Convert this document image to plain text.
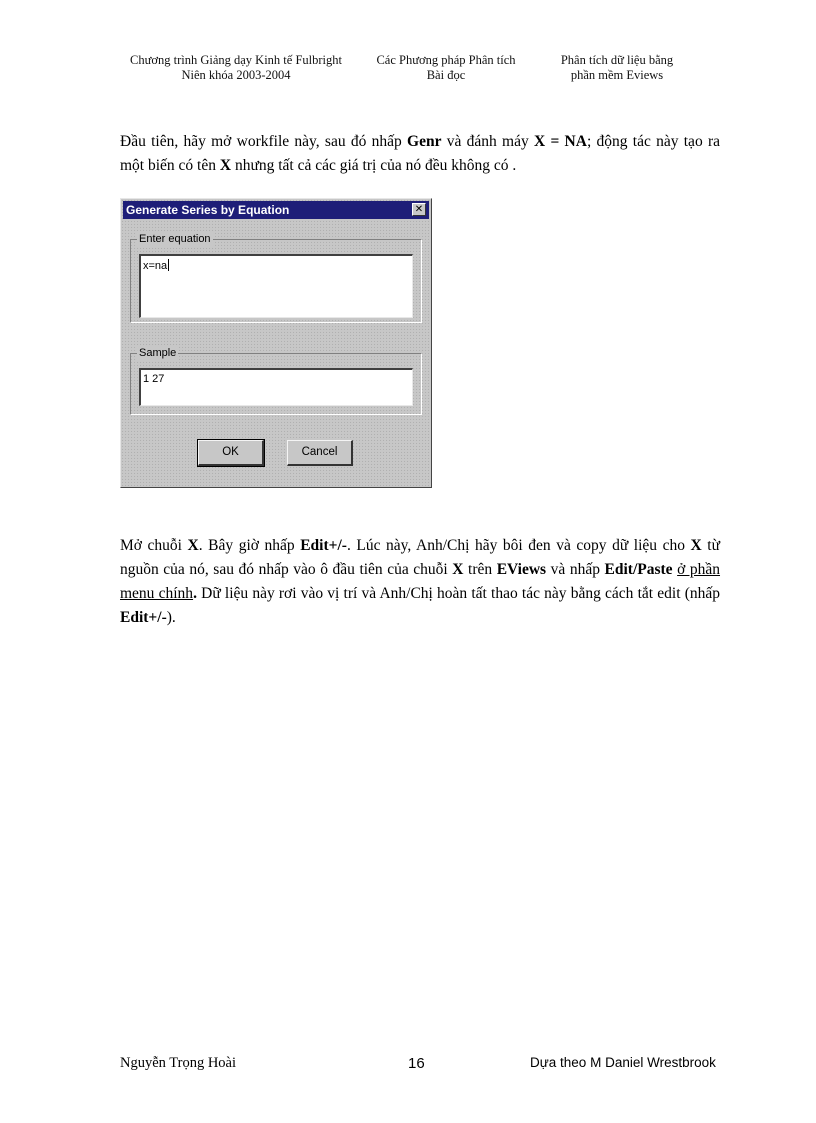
Chương trình Giảng dạy Kinh tế Fulbright
Niên khóa 2003-2004
Các Phương pháp Phân tích
Bài đọc
Phân tích dữ liệu bằng
phần mềm Eviews
Đầu tiên, hãy mở workfile này, sau đó nhấp Genr và đánh máy X = NA; động tác này tạo ra một biến có tên X nhưng tất cả các giá trị của nó đều không có .
Generate Series by Equation	✕
Enter equation
x=na
Sample
1 27
OK	Cancel
Mở chuỗi X. Bây giờ nhấp Edit+/-. Lúc này, Anh/Chị hãy bôi đen và copy dữ liệu cho X từ nguồn của nó, sau đó nhấp vào ô đầu tiên của chuỗi X trên EViews và nhấp Edit/Paste ở phần menu chính. Dữ liệu này rơi vào vị trí và Anh/Chị hoàn tất thao tác này bằng cách tắt edit (nhấp Edit+/-).
Nguyễn Trọng Hoài	16	Dựa theo M Daniel Wrestbrook
